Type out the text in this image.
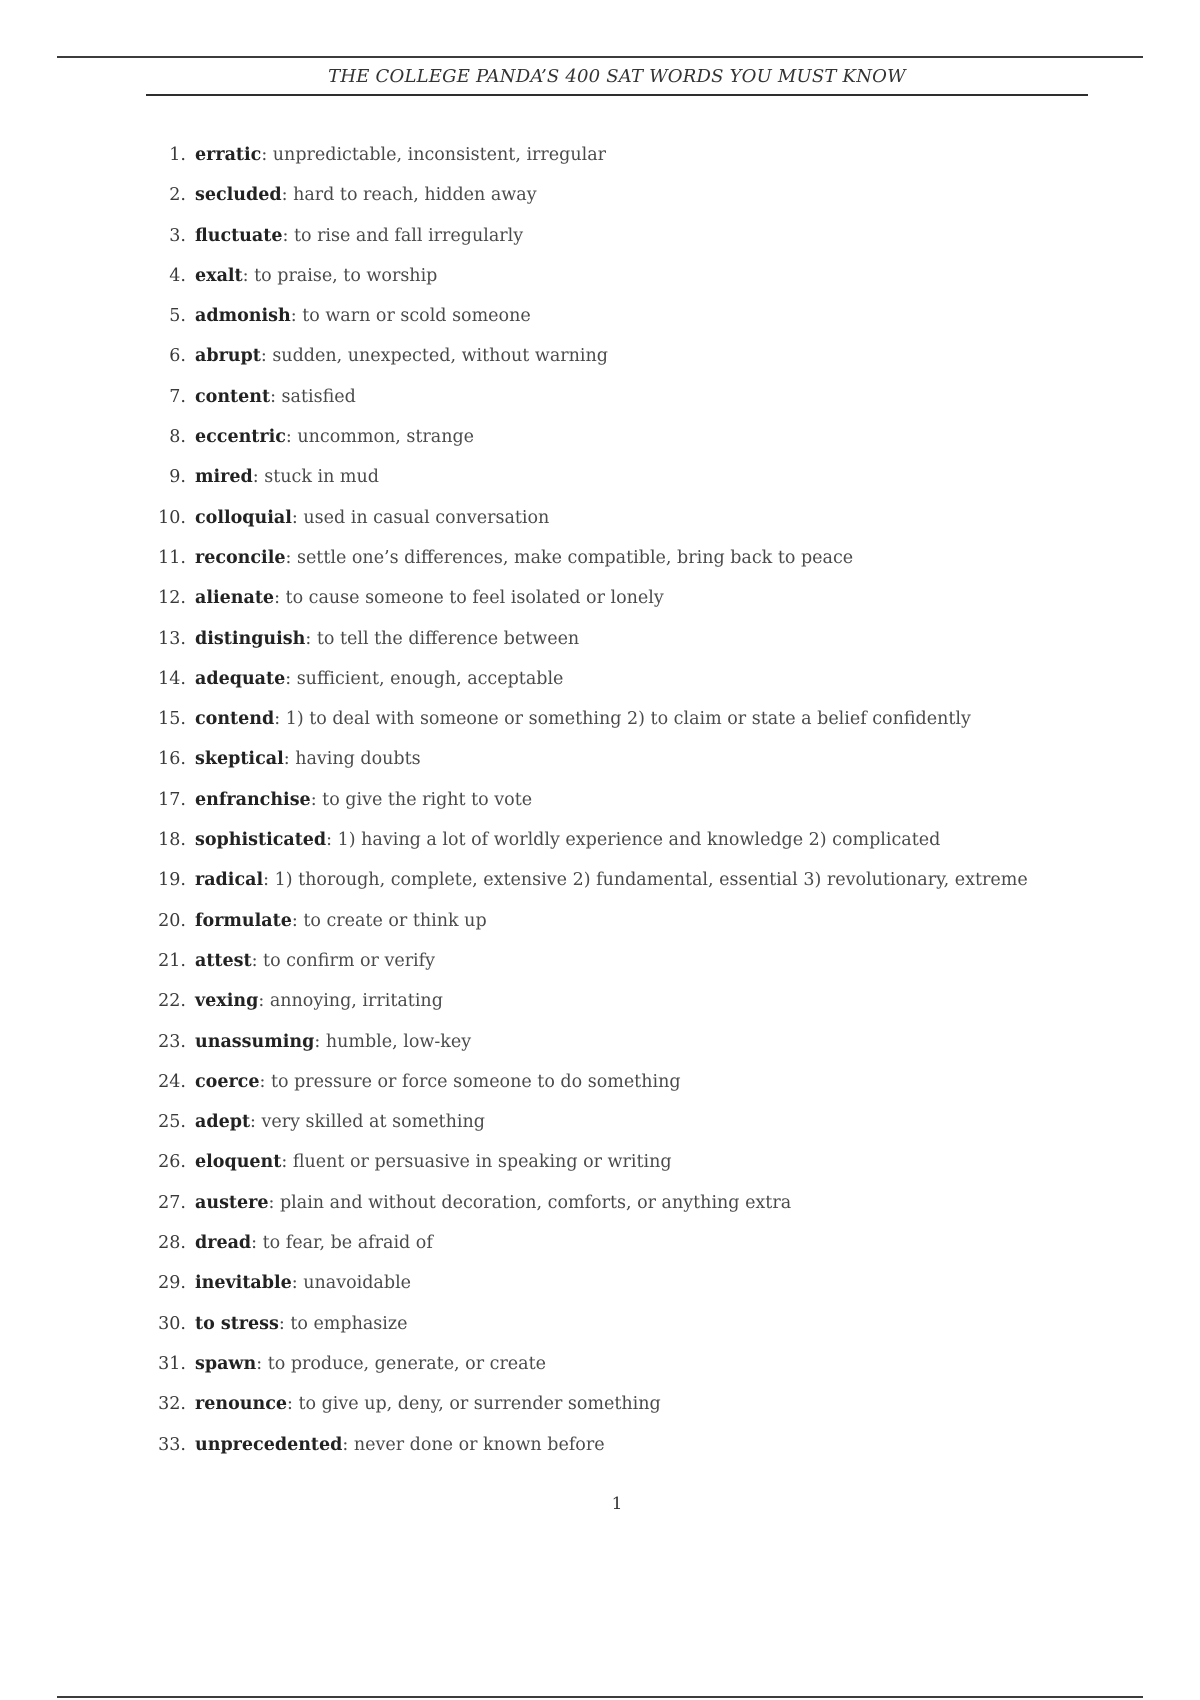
THE COLLEGE PANDA’S 400 SAT WORDS YOU MUST KNOW
1. erratic: unpredictable, inconsistent, irregular
2. secluded: hard to reach, hidden away
3. fluctuate: to rise and fall irregularly
4. exalt: to praise, to worship
5. admonish: to warn or scold someone
6. abrupt: sudden, unexpected, without warning
7. content: satisfied
8. eccentric: uncommon, strange
9. mired: stuck in mud
10. colloquial: used in casual conversation
11. reconcile: settle one’s differences, make compatible, bring back to peace
12. alienate: to cause someone to feel isolated or lonely
13. distinguish: to tell the difference between
14. adequate: sufficient, enough, acceptable
15. contend: 1) to deal with someone or something 2) to claim or state a belief confidently
16. skeptical: having doubts
17. enfranchise: to give the right to vote
18. sophisticated: 1) having a lot of worldly experience and knowledge 2) complicated
19. radical: 1) thorough, complete, extensive 2) fundamental, essential 3) revolutionary, extreme
20. formulate: to create or think up
21. attest: to confirm or verify
22. vexing: annoying, irritating
23. unassuming: humble, low-key
24. coerce: to pressure or force someone to do something
25. adept: very skilled at something
26. eloquent: fluent or persuasive in speaking or writing
27. austere: plain and without decoration, comforts, or anything extra
28. dread: to fear, be afraid of
29. inevitable: unavoidable
30. to stress: to emphasize
31. spawn: to produce, generate, or create
32. renounce: to give up, deny, or surrender something
33. unprecedented: never done or known before
1
